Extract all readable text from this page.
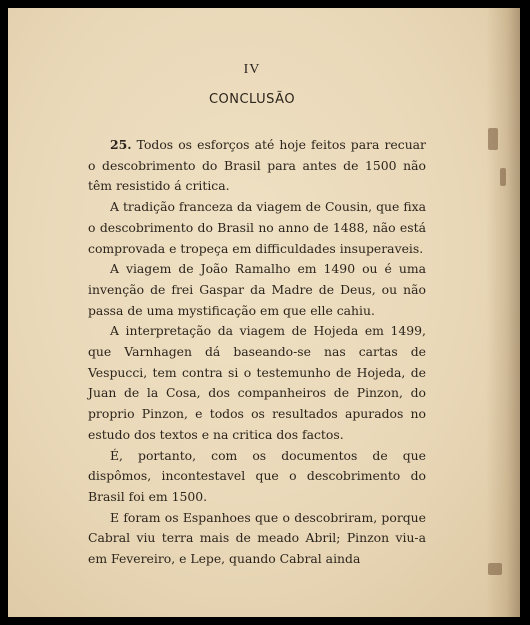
IV
CONCLUSÃO

25. Todos os esforços até hoje feitos para recuar o descobrimento do Brasil para antes de 1500 não têm resistido á critica.

A tradição franceza da viagem de Cousin, que fixa o descobrimento do Brasil no anno de 1488, não está comprovada e tropeça em difficuldades insuperaveis.

A viagem de João Ramalho em 1490 ou é uma invenção de frei Gaspar da Madre de Deus, ou não passa de uma mystificação em que elle cahiu.

A interpretação da viagem de Hojeda em 1499, que Varnhagen dá baseando-se nas cartas de Vespucci, tem contra si o testemunho de Hojeda, de Juan de la Cosa, dos companheiros de Pinzon, do proprio Pinzon, e todos os resultados apurados no estudo dos textos e na critica dos factos.

É, portanto, com os documentos de que dispômos, incontestavel que o descobrimento do Brasil foi em 1500.

E foram os Espanhoes que o descobriram, porque Cabral viu terra mais de meado Abril; Pinzon viu-a em Fevereiro, e Lepe, quando Cabral ainda
